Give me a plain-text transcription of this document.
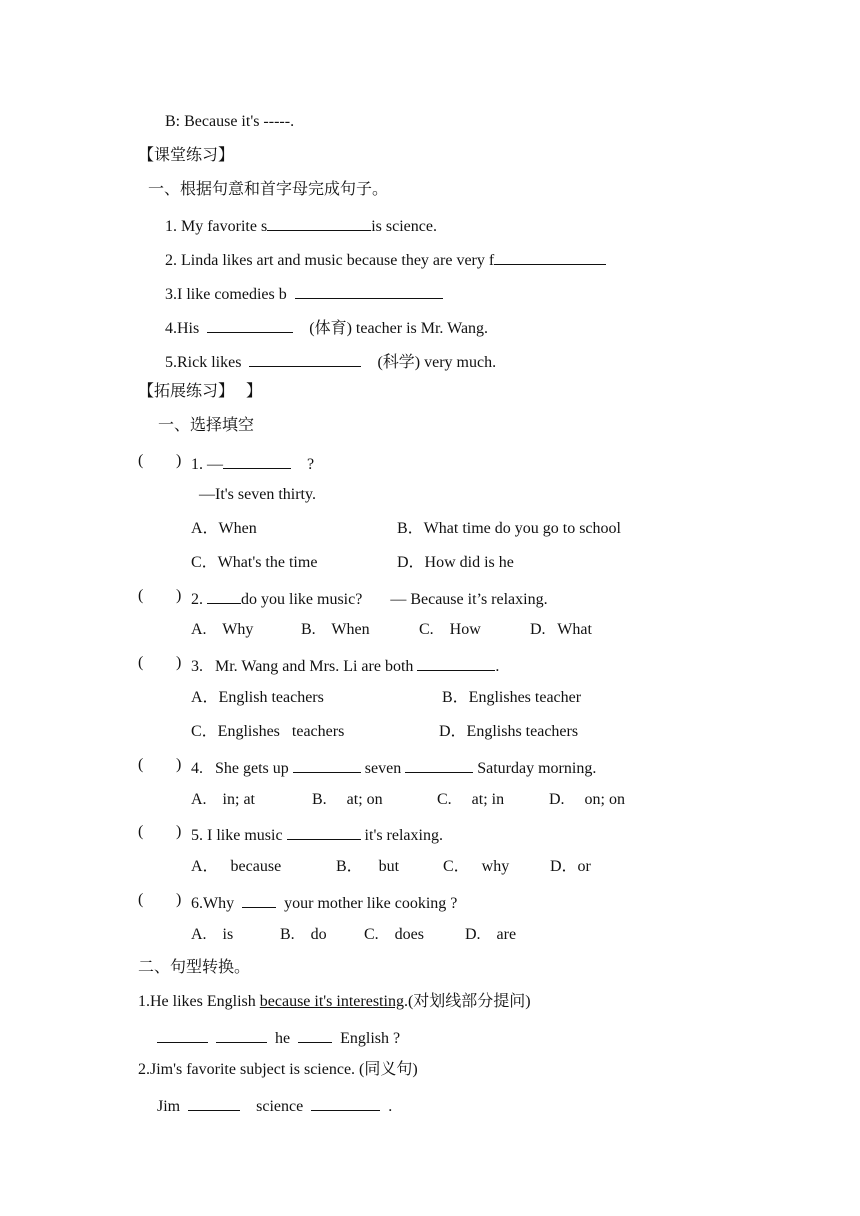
B: Because it's -----.
【课堂练习】
一、根据句意和首字母完成句子。
1. My favorite s	is science.
2. Linda likes art and music because they are very f
3.I like comedies b
4.His	(体育) teacher is Mr. Wang.
5.Rick likes	(科学) very much.
【拓展练习】   】
一、选择填空
( ) 1. —	?
—It's seven thirty.
A．When	B．What time do you go to school
C．What's the time	D．How did is he
( ) 2. do you like music? — Because it’s relaxing.
A.    Why	B.    When	C.    How	D.   What
( ) 3.   Mr. Wang and Mrs. Li are both	.
A．English teachers	B．Englishes teacher
C．Englishes   teachers	D．Englishs teachers
( ) 4.   She gets up	seven	Saturday morning.
A.    in; at	B.     at; on	C.     at; in	D.     on; on
( ) 5. I like music	it's relaxing.
A．   because	B．    but	C．   why	D．or
( ) 6.Why	your mother like cooking ?
A.    is	B.    do C.    does	D.    are
二、句型转换。
1.He likes English because it's interesting.(对划线部分提问)
he	English ?
2.Jim's favorite subject is science. (同义句)
Jim	science	.
